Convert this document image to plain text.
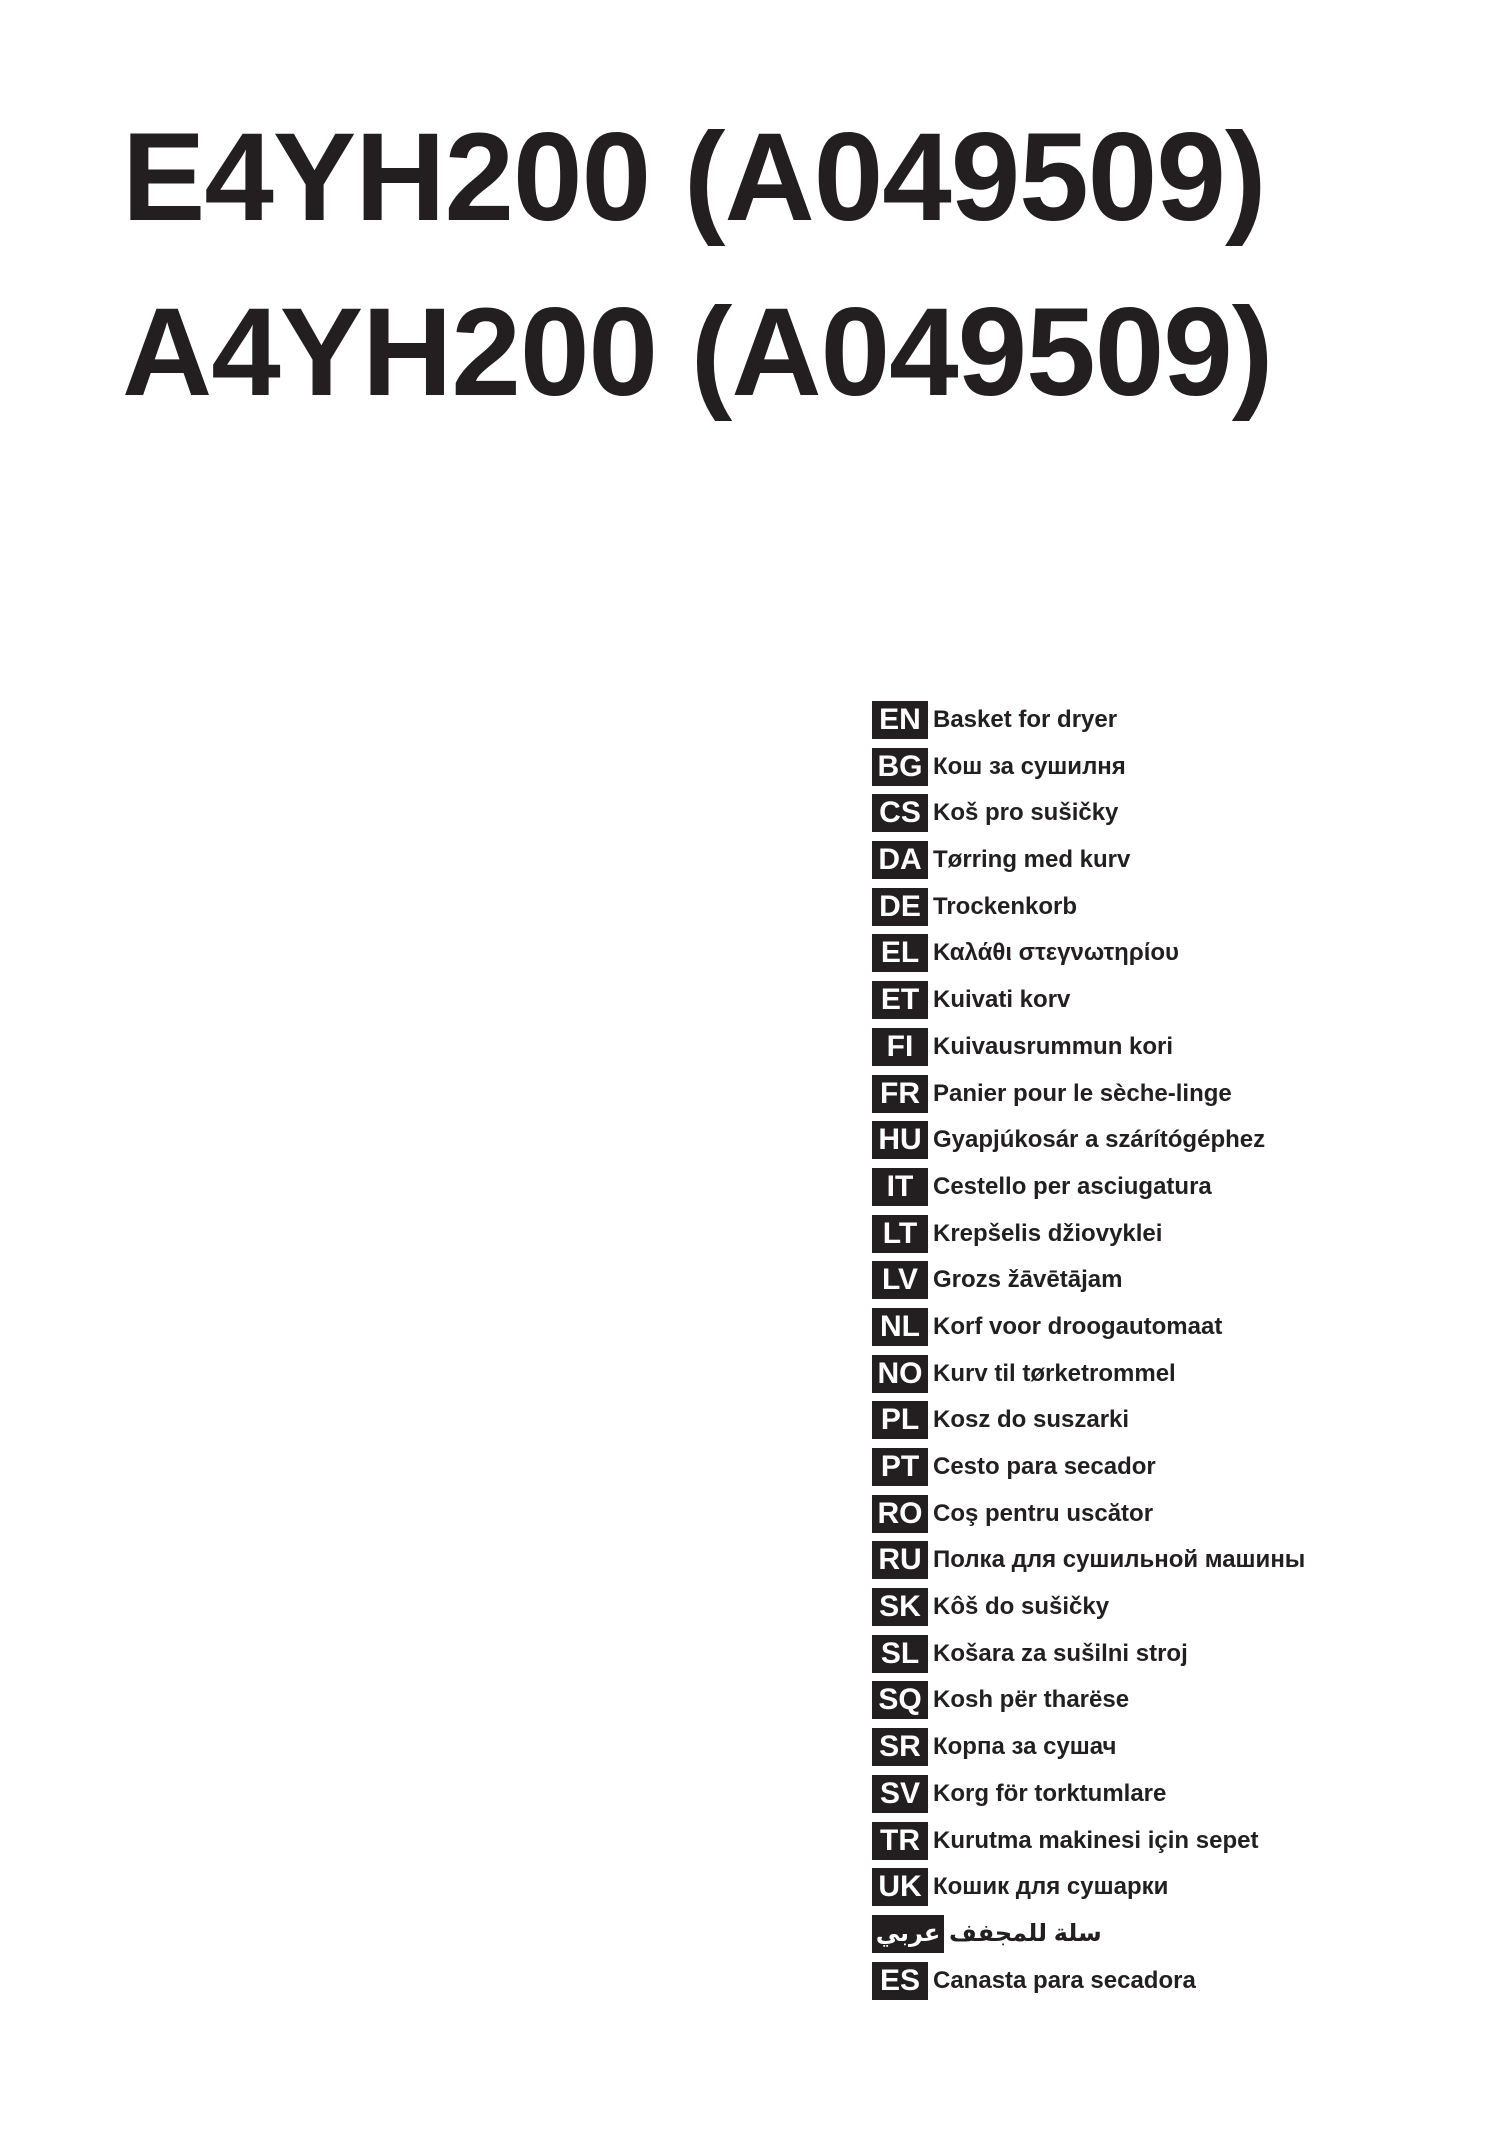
E4YH200 (A049509)
A4YH200 (A049509)
EN Basket for dryer
BG Кош за сушилня
CS Koš pro sušičky
DA Tørring med kurv
DE Trockenkorb
EL Καλάθι στεγνωτηρίου
ET Kuivati korv
FI Kuivausrummun kori
FR Panier pour le sèche-linge
HU Gyapjúkosár a szárítógéphez
IT Cestello per asciugatura
LT Krepšelis džiovyklei
LV Grozs žāvētājam
NL Korf voor droogautomaat
NO Kurv til tørketrommel
PL Kosz do suszarki
PT Cesto para secador
RO Coş pentru uscător
RU Полка для сушильной машины
SK Kôš do sušičky
SL Košara za sušilni stroj
SQ Kosh për tharëse
SR Корпа за сушач
SV Korg för torktumlare
TR Kurutma makinesi için sepet
UK Кошик для сушарки
عربي سلة للمجفف
ES Canasta para secadora
